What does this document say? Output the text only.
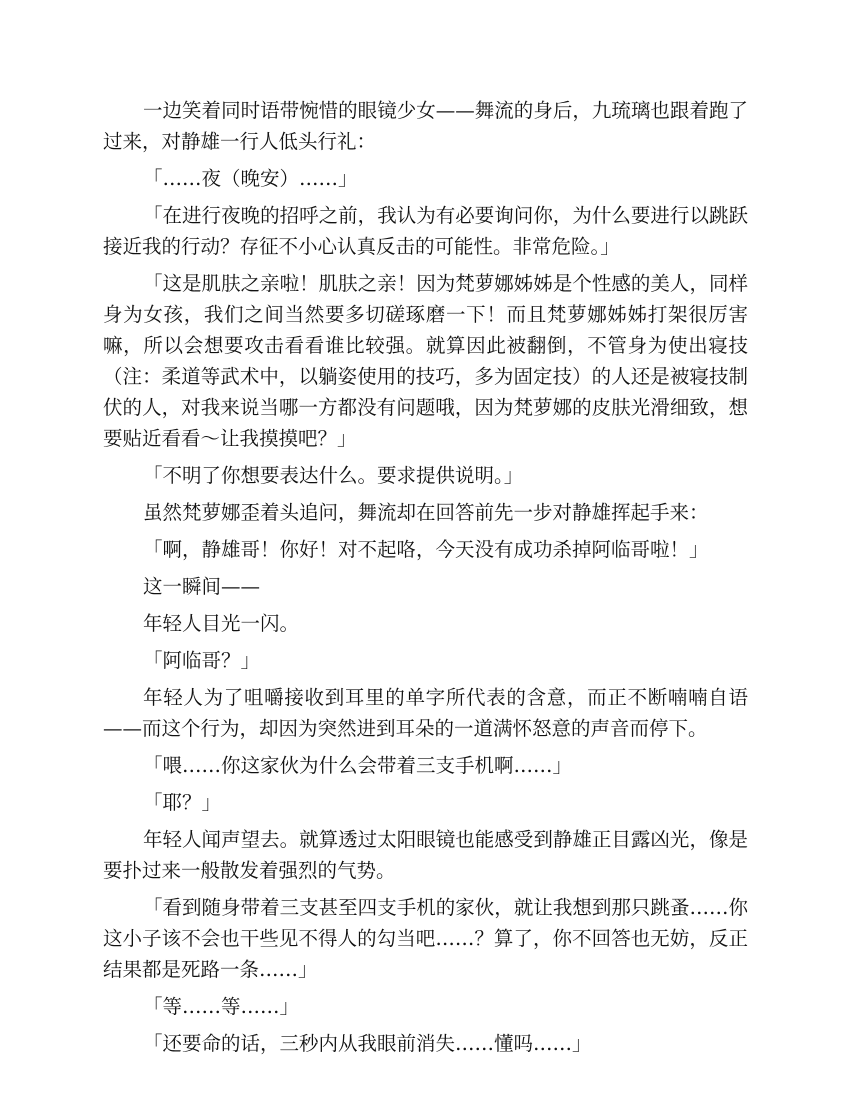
一边笑着同时语带惋惜的眼镜少女——舞流的身后，九琉璃也跟着跑了过来，对静雄一行人低头行礼：

「……夜（晚安）……」

「在进行夜晚的招呼之前，我认为有必要询问你，为什么要进行以跳跃接近我的行动？存征不小心认真反击的可能性。非常危险。」

「这是肌肤之亲啦！肌肤之亲！因为梵萝娜姊姊是个性感的美人，同样身为女孩，我们之间当然要多切磋琢磨一下！而且梵萝娜姊姊打架很厉害嘛，所以会想要攻击看看谁比较强。就算因此被翻倒，不管身为使出寝技（注：柔道等武术中，以躺姿使用的技巧，多为固定技）的人还是被寝技制伏的人，对我来说当哪一方都没有问题哦，因为梵萝娜的皮肤光滑细致，想要贴近看看～让我摸摸吧？」

「不明了你想要表达什么。要求提供说明。」

虽然梵萝娜歪着头追问，舞流却在回答前先一步对静雄挥起手来：

「啊，静雄哥！你好！对不起咯，今天没有成功杀掉阿临哥啦！」

这一瞬间——

年轻人目光一闪。

「阿临哥？」

年轻人为了咀嚼接收到耳里的单字所代表的含意，而正不断喃喃自语——而这个行为，却因为突然进到耳朵的一道满怀怒意的声音而停下。

「喂……你这家伙为什么会带着三支手机啊……」

「耶？」

年轻人闻声望去。就算透过太阳眼镜也能感受到静雄正目露凶光，像是要扑过来一般散发着强烈的气势。

「看到随身带着三支甚至四支手机的家伙，就让我想到那只跳蚤……你这小子该不会也干些见不得人的勾当吧……？算了，你不回答也无妨，反正结果都是死路一条……」

「等……等……」

「还要命的话，三秒内从我眼前消失……懂吗……」
